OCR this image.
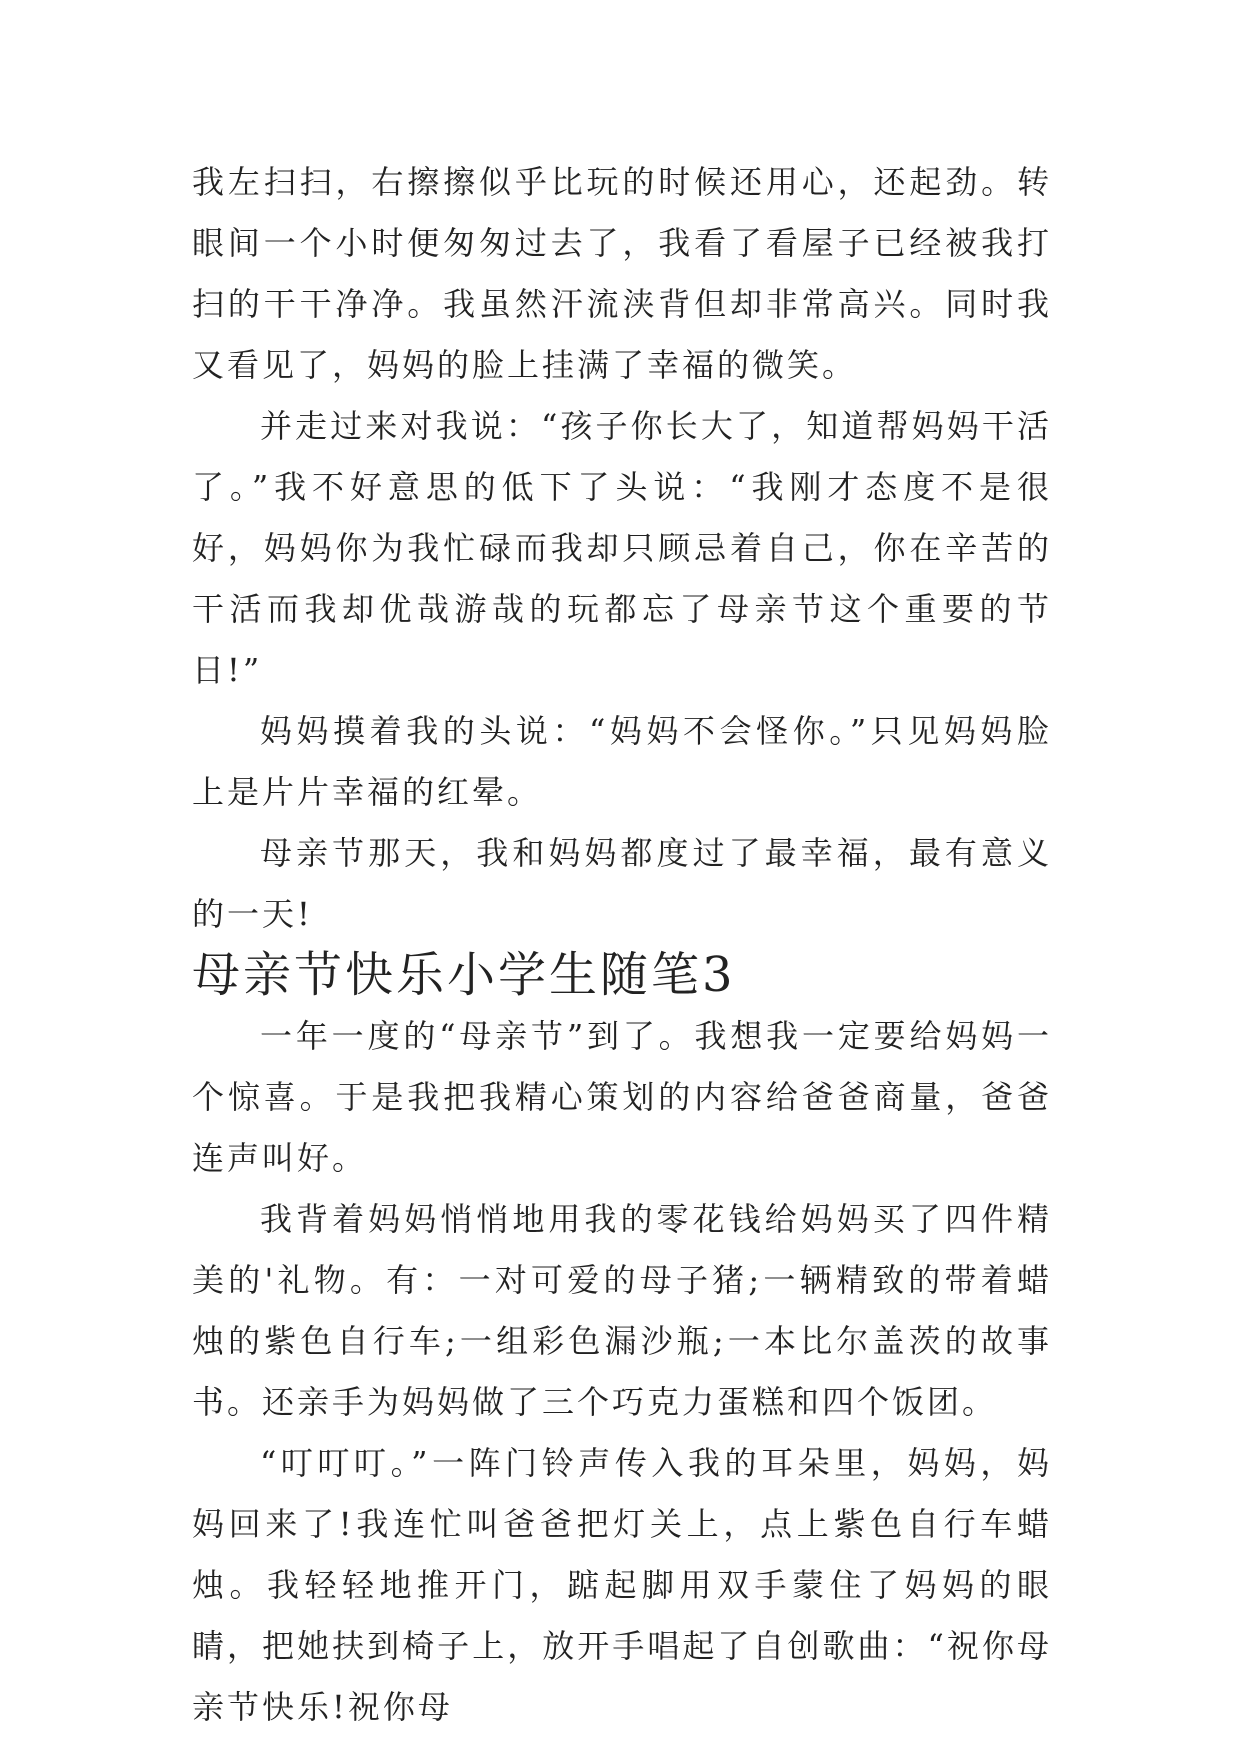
我左扫扫，右擦擦似乎比玩的时候还用心，还起劲。转眼间一个小时便匆匆过去了，我看了看屋子已经被我打扫的干干净净。我虽然汗流浃背但却非常高兴。同时我又看见了，妈妈的脸上挂满了幸福的微笑。

并走过来对我说：“孩子你长大了，知道帮妈妈干活了。”我不好意思的低下了头说：“我刚才态度不是很好，妈妈你为我忙碌而我却只顾忌着自己，你在辛苦的干活而我却优哉游哉的玩都忘了母亲节这个重要的节日!”

妈妈摸着我的头说：“妈妈不会怪你。”只见妈妈脸上是片片幸福的红晕。

母亲节那天，我和妈妈都度过了最幸福，最有意义的一天!

母亲节快乐小学生随笔3

一年一度的“母亲节”到了。我想我一定要给妈妈一个惊喜。于是我把我精心策划的内容给爸爸商量，爸爸连声叫好。

我背着妈妈悄悄地用我的零花钱给妈妈买了四件精美的'礼物。有：一对可爱的母子猪;一辆精致的带着蜡烛的紫色自行车;一组彩色漏沙瓶;一本比尔盖茨的故事书。还亲手为妈妈做了三个巧克力蛋糕和四个饭团。

“叮叮叮。”一阵门铃声传入我的耳朵里，妈妈，妈妈回来了!我连忙叫爸爸把灯关上，点上紫色自行车蜡烛。我轻轻地推开门，踮起脚用双手蒙住了妈妈的眼睛，把她扶到椅子上，放开手唱起了自创歌曲：“祝你母亲节快乐!祝你母
